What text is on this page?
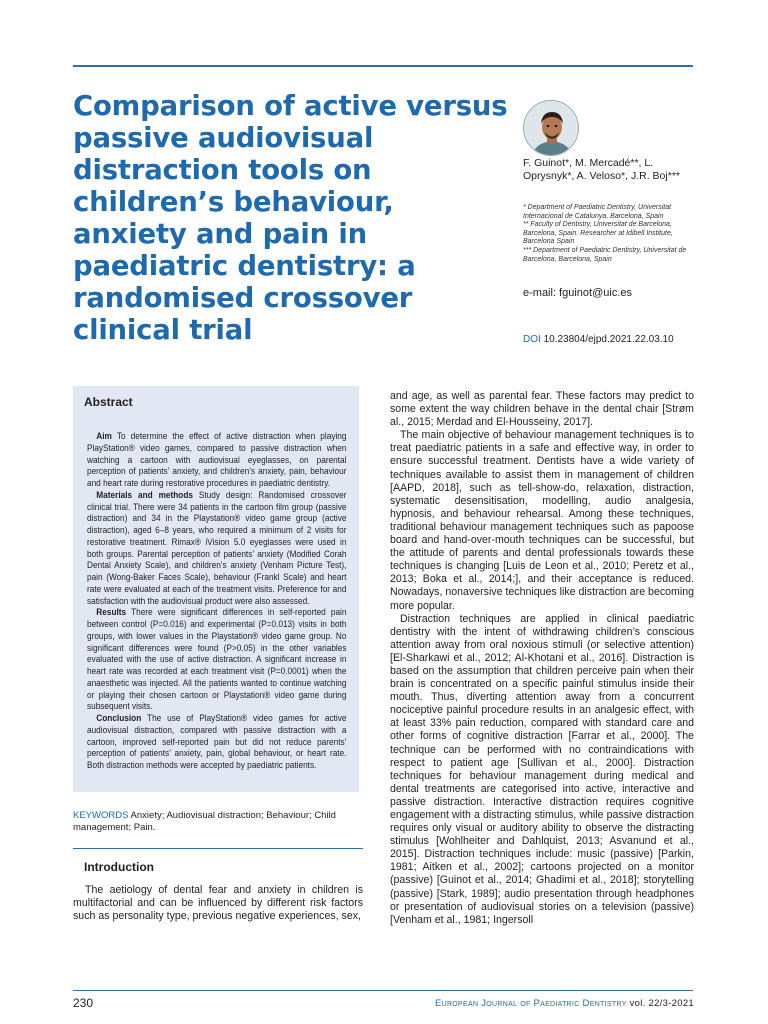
Comparison of active versus passive audiovisual distraction tools on children’s behaviour, anxiety and pain in paediatric dentistry: a randomised crossover clinical trial
F. Guinot*, M. Mercadé**, L. Oprysnyk*, A. Veloso*, J.R. Boj***
* Department of Paediatric Dentistry, Universitat Internacional de Catalunya, Barcelona, Spain
** Faculty of Dentistry, Universitat de Barcelona, Barcelona, Spain. Researcher at Idibell Institute, Barcelona Spain
*** Department of Paediatric Dentistry, Universitat de Barcelona, Barcelona, Spain
e-mail: fguinot@uic.es
DOI 10.23804/ejpd.2021.22.03.10
Abstract

Aim To determine the effect of active distraction when playing PlayStation® video games, compared to passive distraction when watching a cartoon with audiovisual eyeglasses, on parental perception of patients’ anxiety, and children’s anxiety, pain, behaviour and heart rate during restorative procedures in paediatric dentistry.

Materials and methods Study design: Randomised crossover clinical trial. There were 34 patients in the cartoon film group (passive distraction) and 34 in the Playstation® video game group (active distraction), aged 6–8 years, who required a minimum of 2 visits for restorative treatment. Rimax® iVision 5.0 eyeglasses were used in both groups. Parental perception of patients’ anxiety (Modified Corah Dental Anxiety Scale), and children’s anxiety (Venham Picture Test), pain (Wong-Baker Faces Scale), behaviour (Frankl Scale) and heart rate were evaluated at each of the treatment visits. Preference for and satisfaction with the audiovisual product were also assessed.

Results There were significant differences in self-reported pain between control (P=0.016) and experimental (P=0.013) visits in both groups, with lower values in the Playstation® video game group. No significant differences were found (P>0.05) in the other variables evaluated with the use of active distraction. A significant increase in heart rate was recorded at each treatment visit (P=0.0001) when the anaesthetic was injected. All the patients wanted to continue watching or playing their chosen cartoon or Playstation® video game during subsequent visits.

Conclusion The use of PlayStation® video games for active audiovisual distraction, compared with passive distraction with a cartoon, improved self-reported pain but did not reduce parents’ perception of patients’ anxiety, pain, global behaviour, or heart rate. Both distraction methods were accepted by paediatric patients.

KEYWORDS Anxiety; Audiovisual distraction; Behaviour; Child management; Pain.
Introduction

The aetiology of dental fear and anxiety in children is multifactorial and can be influenced by different risk factors such as personality type, previous negative experiences, sex,

and age, as well as parental fear. These factors may predict to some extent the way children behave in the dental chair [Strøm al., 2015; Merdad and El-Housseiny, 2017].

The main objective of behaviour management techniques is to treat paediatric patients in a safe and effective way, in order to ensure successful treatment. Dentists have a wide variety of techniques available to assist them in management of children [AAPD, 2018], such as tell-show-do, relaxation, distraction, systematic desensitisation, modelling, audio analgesia, hypnosis, and behaviour rehearsal. Among these techniques, traditional behaviour management techniques such as papoose board and hand-over-mouth techniques can be successful, but the attitude of parents and dental professionals towards these techniques is changing [Luis de Leon et al., 2010; Peretz et al., 2013; Boka et al., 2014;], and their acceptance is reduced. Nowadays, nonaversive techniques like distraction are becoming more popular.

Distraction techniques are applied in clinical paediatric dentistry with the intent of withdrawing children’s conscious attention away from oral noxious stimuli (or selective attention) [El-Sharkawi et al., 2012; Al-Khotani et al., 2016]. Distraction is based on the assumption that children perceive pain when their brain is concentrated on a specific painful stimulus inside their mouth. Thus, diverting attention away from a concurrent nociceptive painful procedure results in an analgesic effect, with at least 33% pain reduction, compared with standard care and other forms of cognitive distraction [Farrar et al., 2000]. The technique can be performed with no contraindications with respect to patient age [Sullivan et al., 2000]. Distraction techniques for behaviour management during medical and dental treatments are categorised into active, interactive and passive distraction. Interactive distraction requires cognitive engagement with a distracting stimulus, while passive distraction requires only visual or auditory ability to observe the distracting stimulus [Wohlheiter and Dahlquist, 2013; Asvanund et al., 2015]. Distraction techniques include: music (passive) [Parkin, 1981; Aitken et al., 2002]; cartoons projected on a monitor (passive) [Guinot et al., 2014; Ghadimi et al., 2018]; storytelling (passive) [Stark, 1989]; audio presentation through headphones or presentation of audiovisual stories on a television (passive) [Venham et al., 1981; Ingersoll

230	European Journal of Paediatric Dentistry vol. 22/3-2021
